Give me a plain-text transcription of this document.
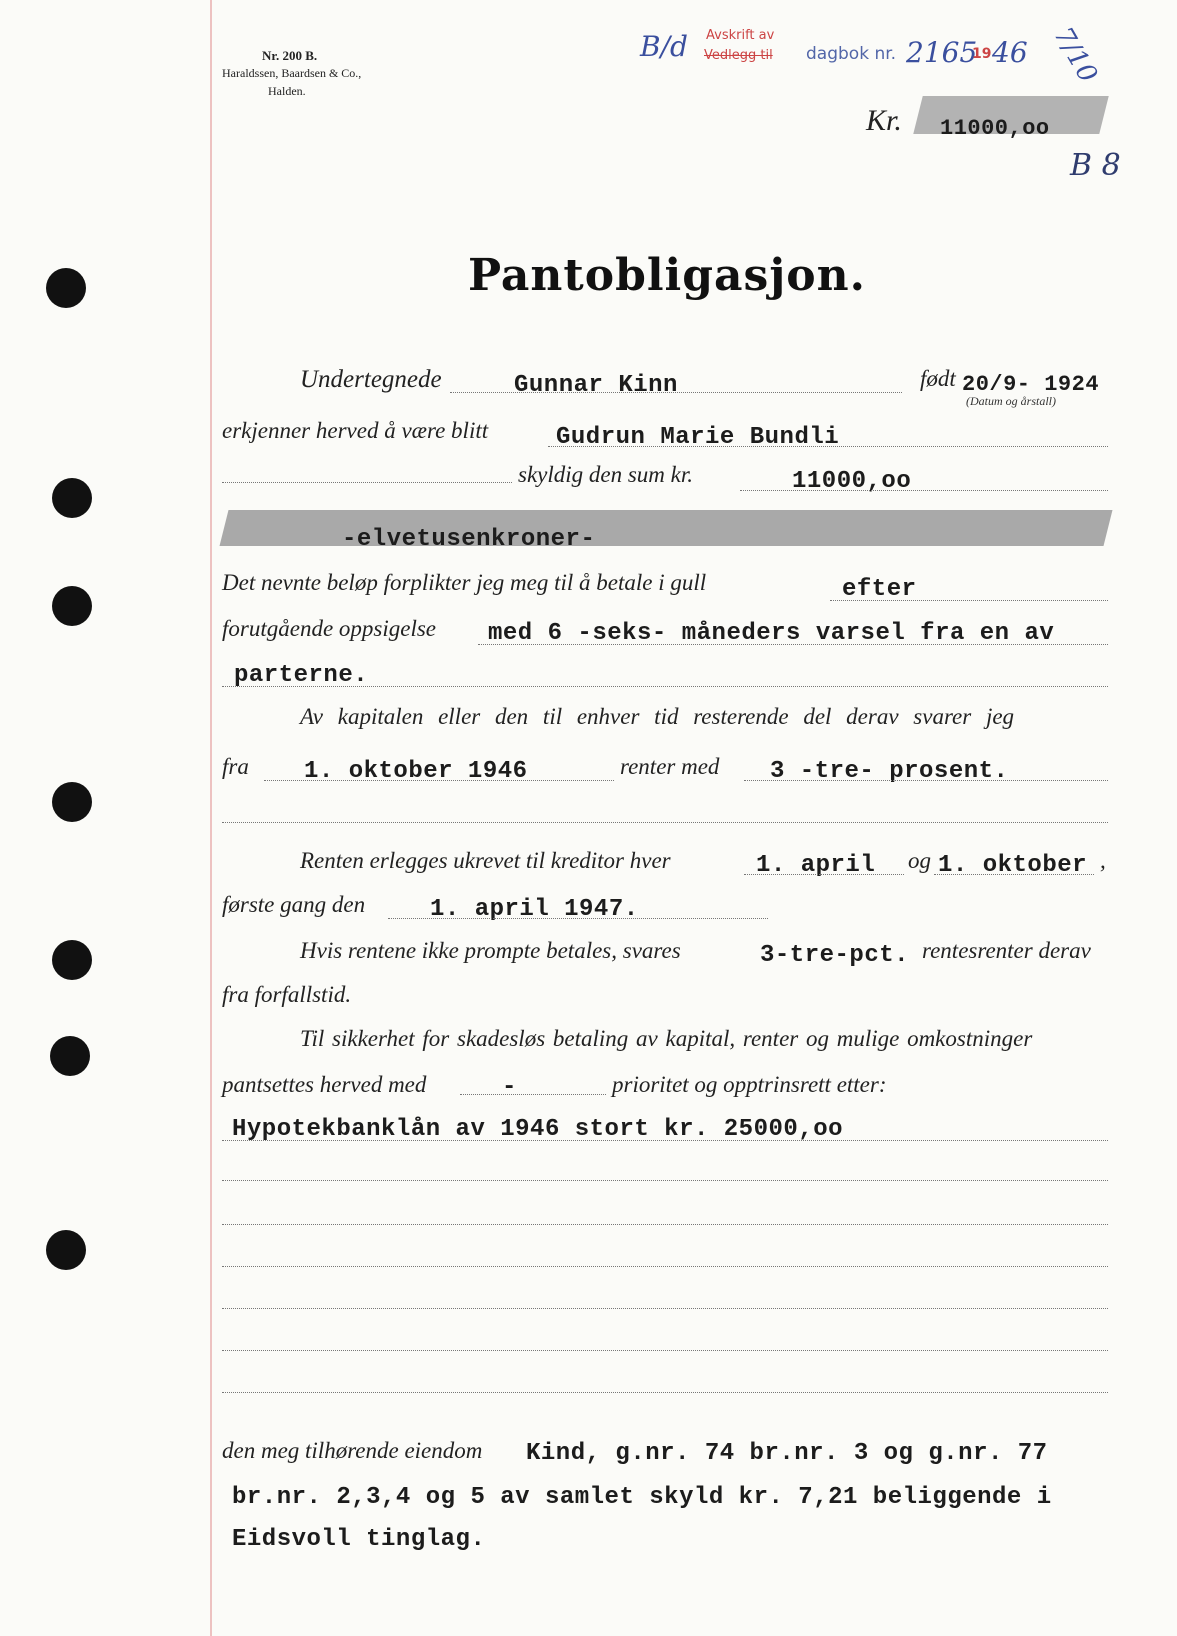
Nr. 200 B.
Haraldssen, Baardsen & Co.,
Halden.
B/d Avskrift av
Vedlegg til dagbok nr. 2165
19 46 7/10
Kr. 11000,oo
B 8
Pantobligasjon.
Undertegnede	Gunnar Kinn	født 20/9- 1924
(Datum og årstall)
erkjenner herved å være blitt	Gudrun Marie Bundli
skyldig den sum kr.	11000,oo
-elvetusenkroner-
Det nevnte beløp forplikter jeg meg til å betale i gull	efter
forutgående oppsigelse med 6 -seks- måneders varsel fra en av
parterne.
Av kapitalen eller den til enhver tid resterende del derav svarer jeg
fra 1. oktober 1946	renter med 3 -tre- prosent.
Renten erlegges ukrevet til kreditor hver	1. april og 1. oktober ,
første gang den	1. april 1947.
Hvis rentene ikke prompte betales, svares	3-tre-pct. rentesrenter derav
fra forfallstid.
Til sikkerhet for skadesløs betaling av kapital, renter og mulige omkostninger
pantsettes herved med	-	prioritet og opptrinsrett etter:
Hypotekbanklån av 1946 stort kr. 25000,oo
den meg tilhørende eiendom Kind, g.nr. 74 br.nr. 3 og g.nr. 77
br.nr. 2,3,4 og 5 av samlet skyld kr. 7,21 beliggende i
Eidsvoll tinglag.
